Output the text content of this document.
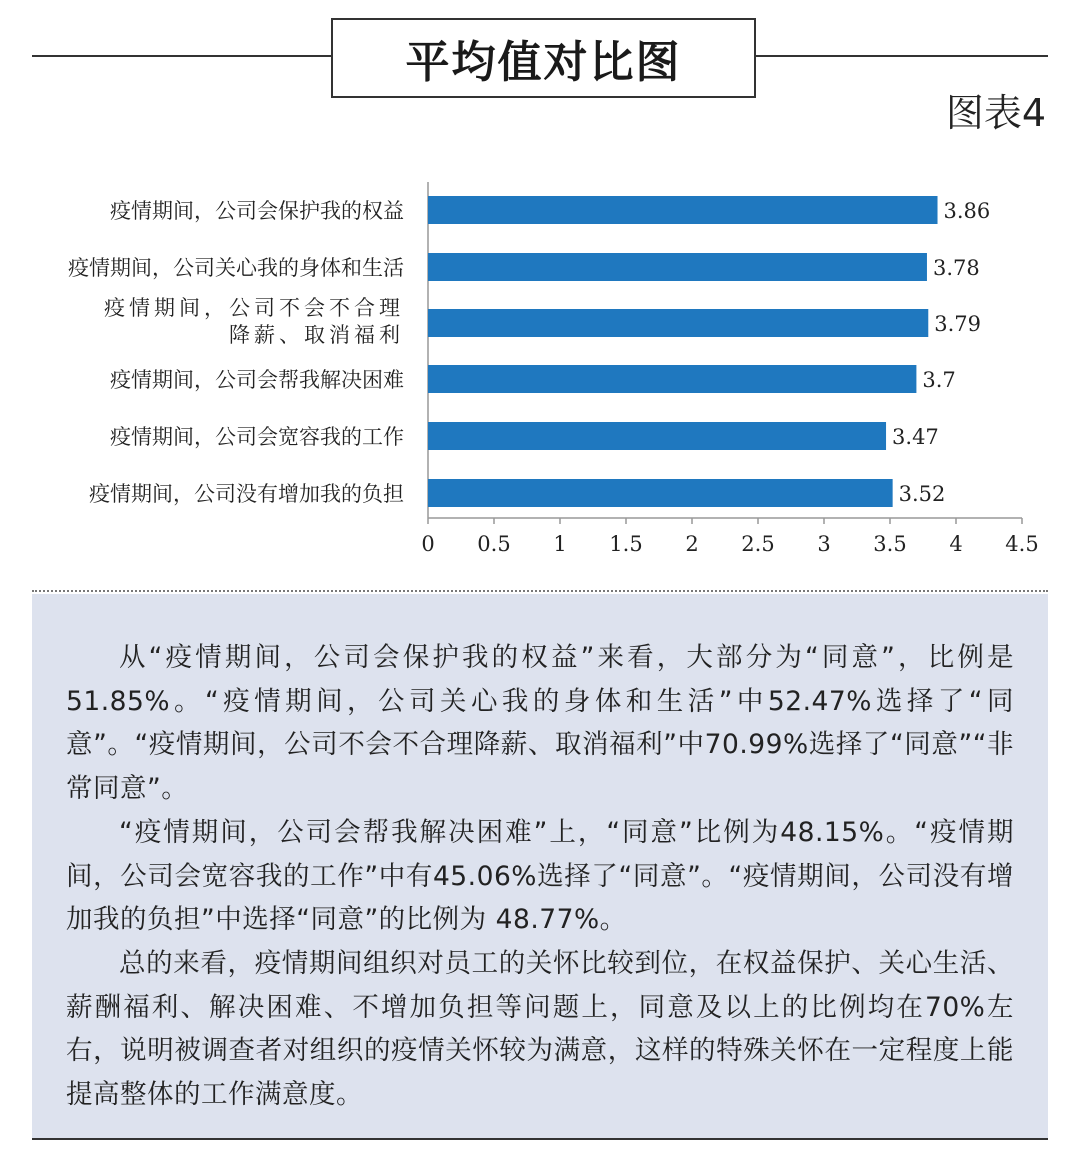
平均值对比图
图表4
0 0.5 1 1.5 2 2.5 3 3.5 4 4.5
3.86
疫情期间，公司会保护我的权益
3.78
疫情期间，公司关心我的身体和生活
3.79
疫情期间，公司不会不合理
降薪、取消福利
3.7
疫情期间，公司会帮我解决困难
3.47
疫情期间，公司会宽容我的工作
3.52
疫情期间，公司没有增加我的负担

从“疫情期间，公司会保护我的权益”来看，大部分为“同意”，比例是51.85%。“疫情期间，公司关心我的身体和生活”中52.47%选择了“同意”。“疫情期间，公司不会不合理降薪、取消福利”中70.99%选择了“同意”“非常同意”。

“疫情期间，公司会帮我解决困难”上，“同意”比例为48.15%。“疫情期间，公司会宽容我的工作”中有45.06%选择了“同意”。“疫情期间，公司没有增加我的负担”中选择“同意”的比例为 48.77%。

总的来看，疫情期间组织对员工的关怀比较到位，在权益保护、关心生活、薪酬福利、解决困难、不增加负担等问题上，同意及以上的比例均在70%左右，说明被调查者对组织的疫情关怀较为满意，这样的特殊关怀在一定程度上能提高整体的工作满意度。
